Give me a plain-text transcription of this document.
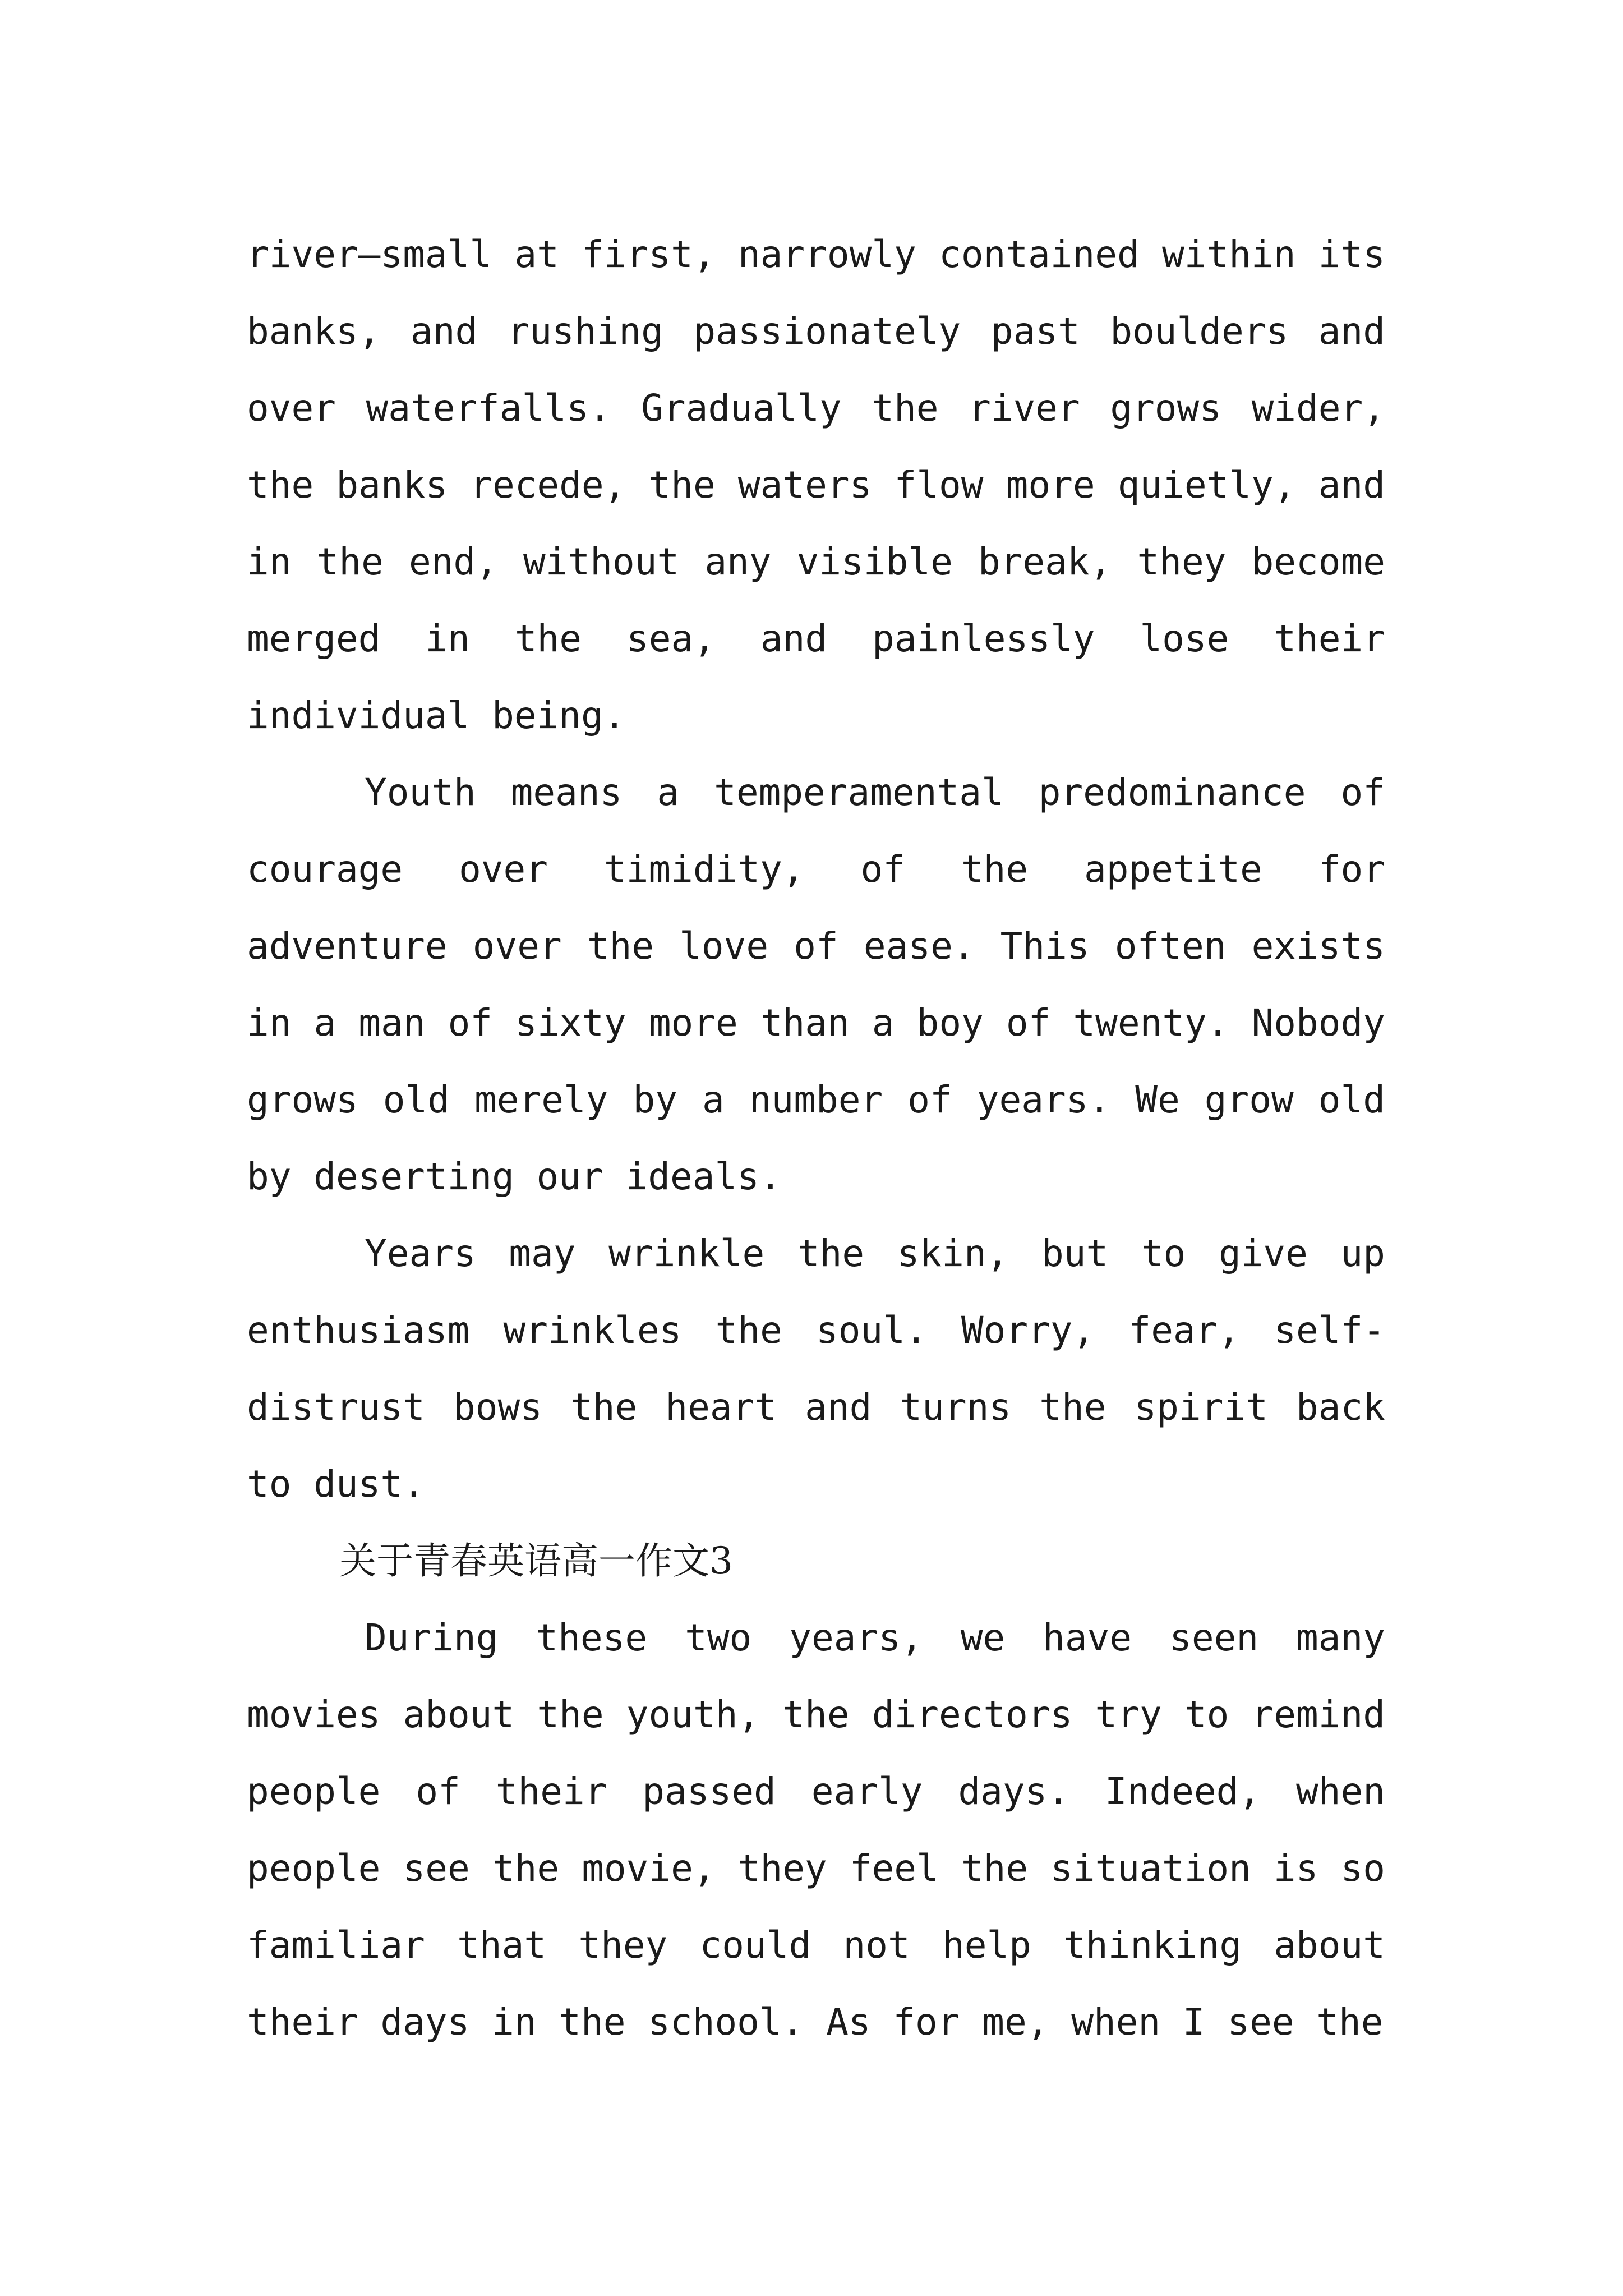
river—small at first, narrowly contained within its banks, and rushing passionately past boulders and over waterfalls. Gradually the river grows wider, the banks recede, the waters flow more quietly, and in the end, without any visible break, they become merged in the sea, and painlessly lose their individual being.

Youth means a temperamental predominance of courage over timidity, of the appetite for adventure over the love of ease. This often exists in a man of sixty more than a boy of twenty. Nobody grows old merely by a number of years. We grow old by deserting our ideals.

Years may wrinkle the skin, but to give up enthusiasm wrinkles the soul. Worry, fear, self-distrust bows the heart and turns the spirit back to dust.

关于青春英语高一作文3

During these two years, we have seen many movies about the youth, the directors try to remind people of their passed early days. Indeed, when people see the movie, they feel the situation is so familiar that they could not help thinking about their days in the school. As for me, when I see the
